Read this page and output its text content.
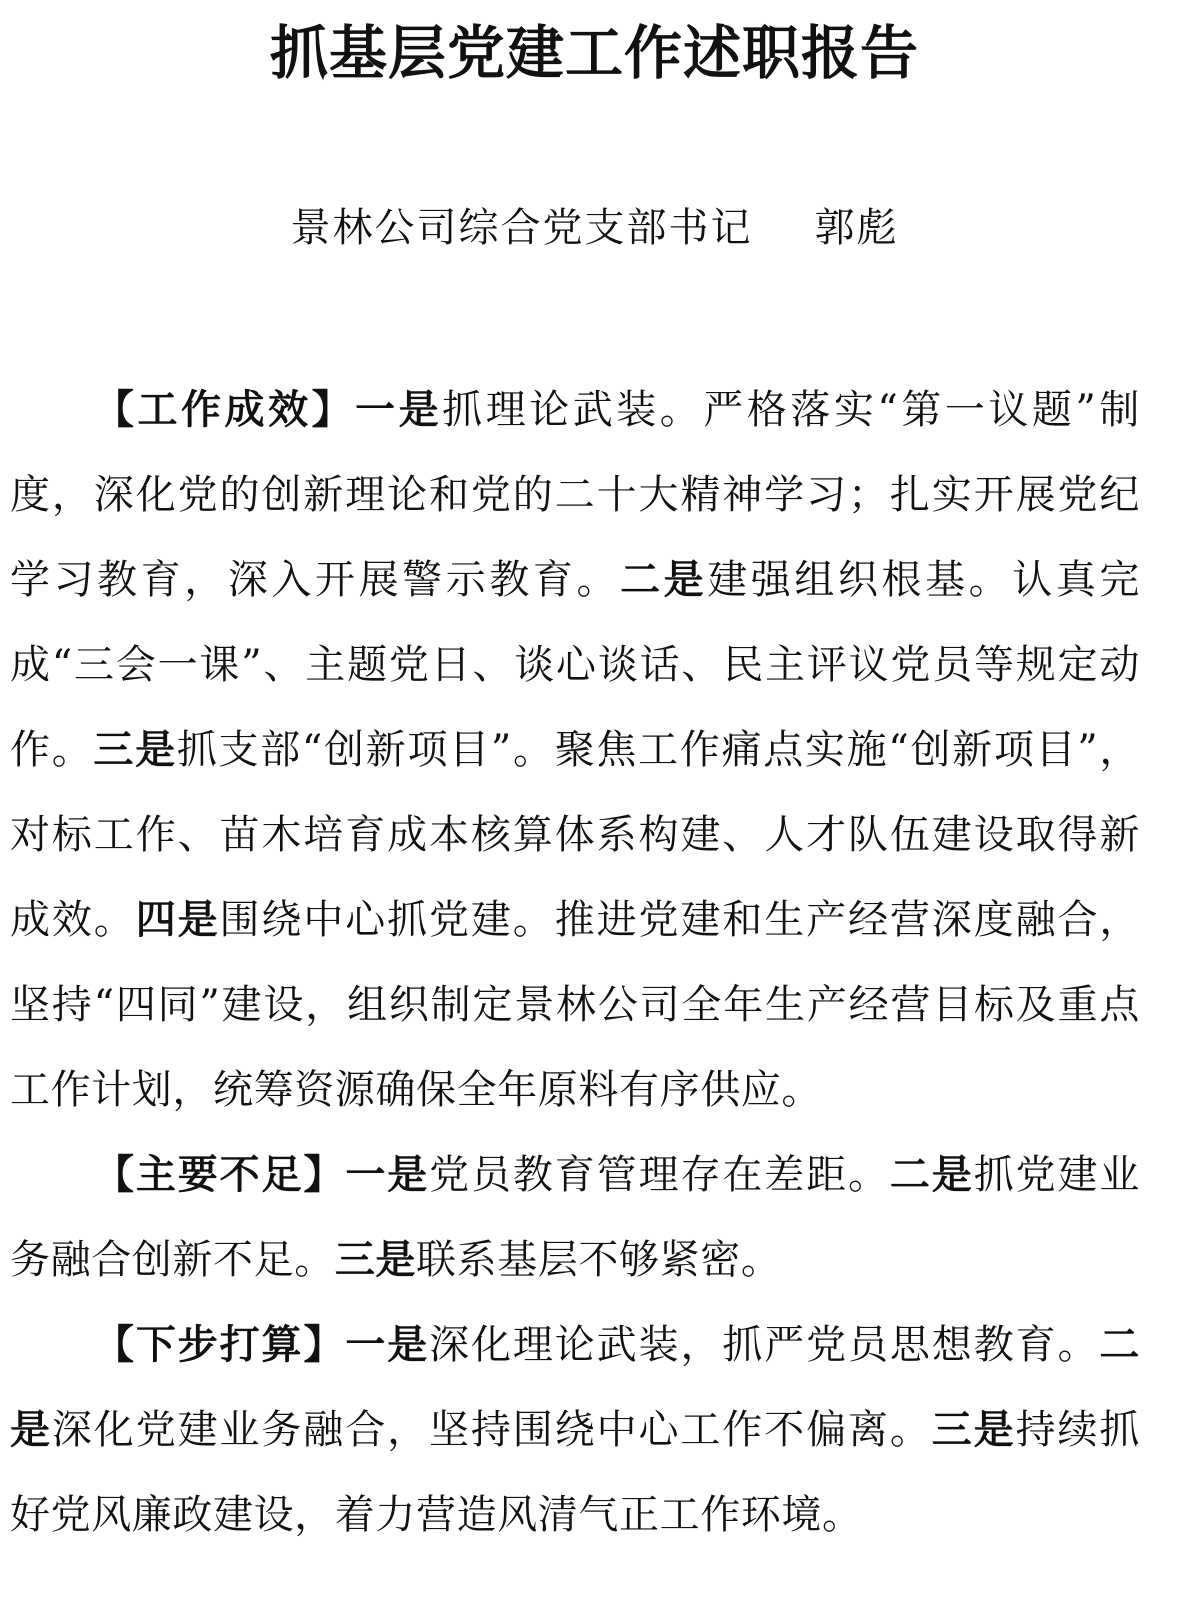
抓基层党建工作述职报告

景林公司综合党支部书记 郭彪

【工作成效】一是抓理论武装。严格落实“第一议题”制度，深化党的创新理论和党的二十大精神学习；扎实开展党纪学习教育，深入开展警示教育。二是建强组织根基。认真完成“三会一课”、主题党日、谈心谈话、民主评议党员等规定动作。三是抓支部“创新项目”。聚焦工作痛点实施“创新项目”，对标工作、苗木培育成本核算体系构建、人才队伍建设取得新成效。四是围绕中心抓党建。推进党建和生产经营深度融合，坚持“四同”建设，组织制定景林公司全年生产经营目标及重点工作计划，统筹资源确保全年原料有序供应。

【主要不足】一是党员教育管理存在差距。二是抓党建业务融合创新不足。三是联系基层不够紧密。

【下步打算】一是深化理论武装，抓严党员思想教育。二是深化党建业务融合，坚持围绕中心工作不偏离。三是持续抓好党风廉政建设，着力营造风清气正工作环境。
